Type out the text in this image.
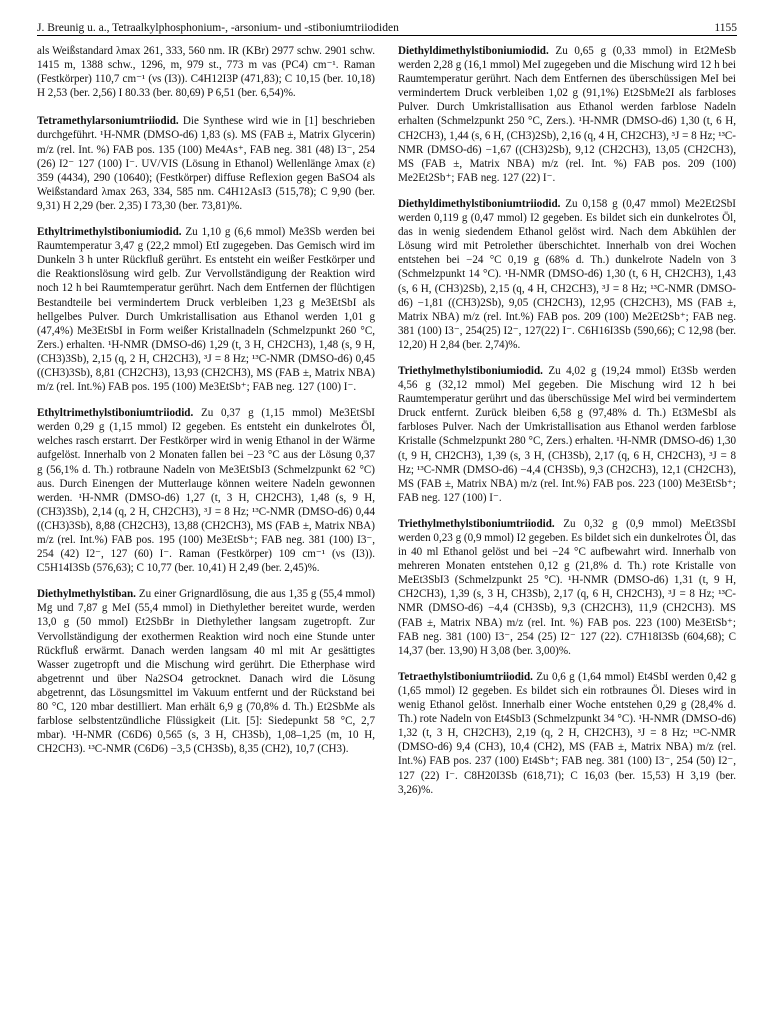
J. Breunig u. a., Tetraalkylphosphonium-, -arsonium- und -stiboniumtriiodiden	1155

als Weißstandard λmax 261, 333, 560 nm. IR (KBr) 2977 schw. 2901 schw. 1415 m, 1388 schw., 1296, m, 979 st., 773 m νas (PC4) cm⁻¹. Raman (Festkörper) 110,7 cm⁻¹ (νs (I3)). C4H12I3P (471,83); C 10,15 (ber. 10,18) H 2,53 (ber. 2,56) I 80.33 (ber. 80,69) P 6,51 (ber. 6,54)%.

Tetramethylarsoniumtriiodid. Die Synthese wird wie in [1] beschrieben durchgeführt. ¹H-NMR (DMSO-d6) 1,83 (s). MS (FAB ±, Matrix Glycerin) m/z (rel. Int. %) FAB pos. 135 (100) Me4As⁺, FAB neg. 381 (48) I3⁻, 254 (26) I2⁻ 127 (100) I⁻. UV/VIS (Lösung in Ethanol) Wellenlänge λmax (ε) 359 (4434), 290 (10640); (Festkörper) diffuse Reflexion gegen BaSO4 als Weißstandard λmax 263, 334, 585 nm. C4H12AsI3 (515,78); C 9,90 (ber. 9,31) H 2,29 (ber. 2,35) I 73,30 (ber. 73,81)%.

Ethyltrimethylstiboniumiodid. Zu 1,10 g (6,6 mmol) Me3Sb werden bei Raumtemperatur 3,47 g (22,2 mmol) EtI zugegeben. Das Gemisch wird im Dunkeln 3 h unter Rückfluß gerührt. Es entsteht ein weißer Festkörper und die Reaktionslösung wird gelb. Zur Vervollständigung der Reaktion wird noch 12 h bei Raumtemperatur gerührt. Nach dem Entfernen der flüchtigen Bestandteile bei vermindertem Druck verbleiben 1,23 g Me3EtSbI als hellgelbes Pulver. Durch Umkristallisation aus Ethanol werden 1,01 g (47,4%) Me3EtSbI in Form weißer Kristallnadeln (Schmelzpunkt 260 °C, Zers.) erhalten. ¹H-NMR (DMSO-d6) 1,29 (t, 3 H, CH2CH3), 1,48 (s, 9 H, (CH3)3Sb), 2,15 (q, 2 H, CH2CH3), ³J = 8 Hz; ¹³C-NMR (DMSO-d6) 0,45 ((CH3)3Sb), 8,81 (CH2CH3), 13,93 (CH2CH3), MS (FAB ±, Matrix NBA) m/z (rel. Int.%) FAB pos. 195 (100) Me3EtSb⁺; FAB neg. 127 (100) I⁻.

Ethyltrimethylstiboniumtriiodid. Zu 0,37 g (1,15 mmol) Me3EtSbI werden 0,29 g (1,15 mmol) I2 gegeben. Es entsteht ein dunkelrotes Öl, welches rasch erstarrt. Der Festkörper wird in wenig Ethanol in der Wärme aufgelöst. Innerhalb von 2 Monaten fallen bei −23 °C aus der Lösung 0,37 g (56,1% d. Th.) rotbraune Nadeln von Me3EtSbI3 (Schmelzpunkt 62 °C) aus. Durch Einengen der Mutterlauge können weitere Nadeln gewonnen werden. ¹H-NMR (DMSO-d6) 1,27 (t, 3 H, CH2CH3), 1,48 (s, 9 H, (CH3)3Sb), 2,14 (q, 2 H, CH2CH3), ³J = 8 Hz; ¹³C-NMR (DMSO-d6) 0,44 ((CH3)3Sb), 8,88 (CH2CH3), 13,88 (CH2CH3), MS (FAB ±, Matrix NBA) m/z (rel. Int.%) FAB pos. 195 (100) Me3EtSb⁺; FAB neg. 381 (100) I3⁻, 254 (42) I2⁻, 127 (60) I⁻. Raman (Festkörper) 109 cm⁻¹ (νs (I3)). C5H14I3Sb (576,63); C 10,77 (ber. 10,41) H 2,49 (ber. 2,45)%.

Diethylmethylstiban. Zu einer Grignardlösung, die aus 1,35 g (55,4 mmol) Mg und 7,87 g MeI (55,4 mmol) in Diethylether bereitet wurde, werden 13,0 g (50 mmol) Et2SbBr in Diethylether langsam zugetropft. Zur Vervollständigung der exothermen Reaktion wird noch eine Stunde unter Rückfluß erwärmt. Danach werden langsam 40 ml mit Ar gesättigtes Wasser zugetropft und die Mischung wird gerührt. Die Etherphase wird abgetrennt und über Na2SO4 getrocknet. Danach wird die Lösung abgetrennt, das Lösungsmittel im Vakuum entfernt und der Rückstand bei 80 °C, 120 mbar destilliert. Man erhält 6,9 g (70,8% d. Th.) Et2SbMe als farblose selbstentzündliche Flüssigkeit (Lit. [5]: Siedepunkt 58 °C, 2,7 mbar). ¹H-NMR (C6D6) 0,565 (s, 3 H, CH3Sb), 1,08–1,25 (m, 10 H, CH2CH3). ¹³C-NMR (C6D6) −3,5 (CH3Sb), 8,35 (CH2), 10,7 (CH3).

Diethyldimethylstiboniumiodid. Zu 0,65 g (0,33 mmol) in Et2MeSb werden 2,28 g (16,1 mmol) MeI zugegeben und die Mischung wird 12 h bei Raumtemperatur gerührt. Nach dem Entfernen des überschüssigen MeI bei vermindertem Druck verbleiben 1,02 g (91,1%) Et2SbMe2I als farbloses Pulver. Durch Umkristallisation aus Ethanol werden farblose Nadeln erhalten (Schmelzpunkt 250 °C, Zers.). ¹H-NMR (DMSO-d6) 1,30 (t, 6 H, CH2CH3), 1,44 (s, 6 H, (CH3)2Sb), 2,16 (q, 4 H, CH2CH3), ³J = 8 Hz; ¹³C-NMR (DMSO-d6) −1,67 ((CH3)2Sb), 9,12 (CH2CH3), 13,05 (CH2CH3), MS (FAB ±, Matrix NBA) m/z (rel. Int. %) FAB pos. 209 (100) Me2Et2Sb⁺; FAB neg. 127 (22) I⁻.

Diethyldimethylstiboniumtriiodid. Zu 0,158 g (0,47 mmol) Me2Et2SbI werden 0,119 g (0,47 mmol) I2 gegeben. Es bildet sich ein dunkelrotes Öl, das in wenig siedendem Ethanol gelöst wird. Nach dem Abkühlen der Lösung wird mit Petrolether überschichtet. Innerhalb von drei Wochen entstehen bei −24 °C 0,19 g (68% d. Th.) dunkelrote Nadeln von 3 (Schmelzpunkt 14 °C). ¹H-NMR (DMSO-d6) 1,30 (t, 6 H, CH2CH3), 1,43 (s, 6 H, (CH3)2Sb), 2,15 (q, 4 H, CH2CH3), ³J = 8 Hz; ¹³C-NMR (DMSO-d6) −1,81 ((CH3)2Sb), 9,05 (CH2CH3), 12,95 (CH2CH3), MS (FAB ±, Matrix NBA) m/z (rel. Int.%) FAB pos. 209 (100) Me2Et2Sb⁺; FAB neg. 381 (100) I3⁻, 254(25) I2⁻, 127(22) I⁻. C6H16I3Sb (590,66); C 12,98 (ber. 12,20) H 2,84 (ber. 2,74)%.

Triethylmethylstiboniumiodid. Zu 4,02 g (19,24 mmol) Et3Sb werden 4,56 g (32,12 mmol) MeI gegeben. Die Mischung wird 12 h bei Raumtemperatur gerührt und das überschüssige MeI wird bei vermindertem Druck entfernt. Zurück bleiben 6,58 g (97,48% d. Th.) Et3MeSbI als farbloses Pulver. Nach der Umkristallisation aus Ethanol werden farblose Kristalle (Schmelzpunkt 280 °C, Zers.) erhalten. ¹H-NMR (DMSO-d6) 1,30 (t, 9 H, CH2CH3), 1,39 (s, 3 H, (CH3Sb), 2,17 (q, 6 H, CH2CH3), ³J = 8 Hz; ¹³C-NMR (DMSO-d6) −4,4 (CH3Sb), 9,3 (CH2CH3), 12,1 (CH2CH3), MS (FAB ±, Matrix NBA) m/z (rel. Int.%) FAB pos. 223 (100) Me3EtSb⁺; FAB neg. 127 (100) I⁻.

Triethylmethylstiboniumtriiodid. Zu 0,32 g (0,9 mmol) MeEt3SbI werden 0,23 g (0,9 mmol) I2 gegeben. Es bildet sich ein dunkelrotes Öl, das in 40 ml Ethanol gelöst und bei −24 °C aufbewahrt wird. Innerhalb von mehreren Monaten entstehen 0,12 g (21,8% d. Th.) rote Kristalle von MeEt3SbI3 (Schmelzpunkt 25 °C). ¹H-NMR (DMSO-d6) 1,31 (t, 9 H, CH2CH3), 1,39 (s, 3 H, CH3Sb), 2,17 (q, 6 H, CH2CH3), ³J = 8 Hz; ¹³C-NMR (DMSO-d6) −4,4 (CH3Sb), 9,3 (CH2CH3), 11,9 (CH2CH3). MS (FAB ±, Matrix NBA) m/z (rel. Int. %) FAB pos. 223 (100) Me3EtSb⁺; FAB neg. 381 (100) I3⁻, 254 (25) I2⁻ 127 (22). C7H18I3Sb (604,68); C 14,37 (ber. 13,90) H 3,08 (ber. 3,00)%.

Tetraethylstiboniumtriiodid. Zu 0,6 g (1,64 mmol) Et4SbI werden 0,42 g (1,65 mmol) I2 gegeben. Es bildet sich ein rotbraunes Öl. Dieses wird in wenig Ethanol gelöst. Innerhalb einer Woche entstehen 0,29 g (28,4% d. Th.) rote Nadeln von Et4SbI3 (Schmelzpunkt 34 °C). ¹H-NMR (DMSO-d6) 1,32 (t, 3 H, CH2CH3), 2,19 (q, 2 H, CH2CH3), ³J = 8 Hz; ¹³C-NMR (DMSO-d6) 9,4 (CH3), 10,4 (CH2), MS (FAB ±, Matrix NBA) m/z (rel. Int.%) FAB pos. 237 (100) Et4Sb⁺; FAB neg. 381 (100) I3⁻, 254 (50) I2⁻, 127 (22) I⁻. C8H20I3Sb (618,71); C 16,03 (ber. 15,53) H 3,19 (ber. 3,26)%.
